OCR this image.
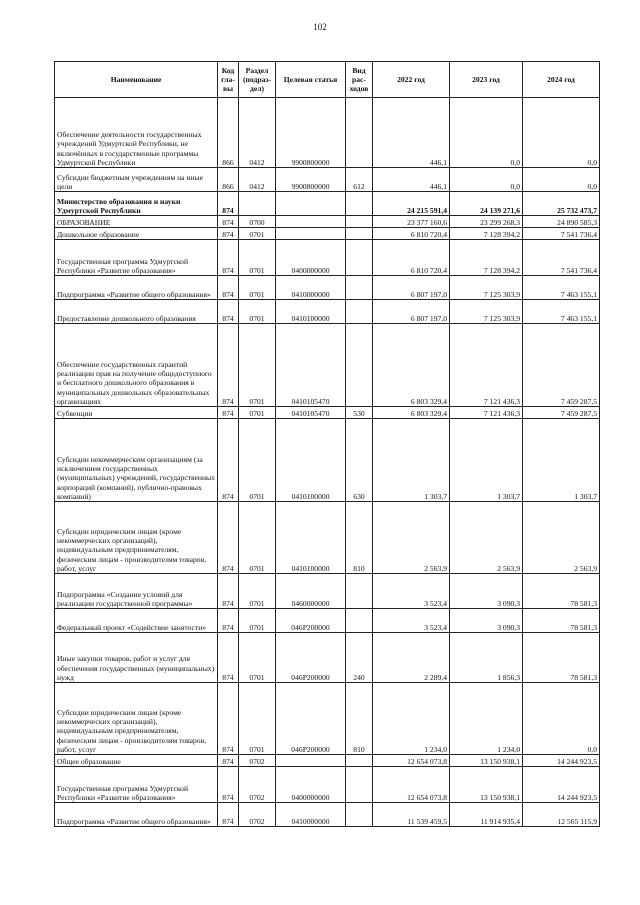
102
Наименование	Код гла-вы	Раздел (подраз-дел)	Целевая статья	Вид рас-ходов	2022 год	2023 год	2024 год
Обеспечение деятельности государственных учреждений Удмуртской Республики, не включённых в государственные программы Удмуртской Республики	866	0412	9900800000		446,1	0,0	0,0
Субсидии бюджетным учреждениям на иные цели	866	0412	9900800000	612	446,1	0,0	0,0
Министерство образования и науки Удмуртской Республики	874				24 215 591,4	24 139 271,6	25 732 473,7
ОБРАЗОВАНИЕ	874	0700			23 377 160,6	23 299 268,3	24 890 585,3
Дошкольное образование	874	0701			6 810 720,4	7 128 394,2	7 541 736,4
Государственная программа Удмуртской Республики «Развитие образования»	874	0701	0400000000		6 810 720,4	7 128 394,2	7 541 736,4
Подпрограмма «Развитие общего образования»	874	0701	0410000000		6 807 197,0	7 125 303,9	7 463 155,1
Предоставление дошкольного образования	874	0701	0410100000		6 807 197,0	7 125 303,9	7 463 155,1
Обеспечение государственных гарантий реализации прав на получение общедоступного и бесплатного дошкольного образования в муниципальных дошкольных образовательных организациях	874	0701	0410105470		6 803 329,4	7 121 436,3	7 459 287,5
Субвенции	874	0701	0410105470	530	6 803 329,4	7 121 436,3	7 459 287,5
Субсидии некоммерческим организациям (за исключением государственных (муниципальных) учреждений, государственных корпораций (компаний), публично-правовых компаний)	874	0701	0410100000	630	1 303,7	1 303,7	1 303,7
Субсидии юридическим лицам (кроме некоммерческих организаций), индивидуальным предпринимателям, физическим лицам - производителям товаров, работ, услуг	874	0701	0410100000	810	2 563,9	2 563,9	2 563,9
Подпрограмма «Создание условий для реализации государственной программы»	874	0701	0460000000		3 523,4	3 090,3	78 581,3
Федеральный проект «Содействие занятости»	874	0701	046P200000		3 523,4	3 090,3	78 581,3
Иные закупки товаров, работ и услуг для обеспечения государственных (муниципальных) нужд	874	0701	046P200000	240	2 289,4	1 856,3	78 581,3
Субсидии юридическим лицам (кроме некоммерческих организаций), индивидуальным предпринимателям, физическим лицам - производителям товаров, работ, услуг	874	0701	046P200000	810	1 234,0	1 234,0	0,0
Общее образование	874	0702			12 654 073,8	13 150 938,1	14 244 923,5
Государственная программа Удмуртской Республики «Развитие образования»	874	0702	0400000000		12 654 073,8	13 150 938,1	14 244 923,5
Подпрограмма «Развитие общего образования»	874	0702	0410000000		11 539 459,5	11 914 935,4	12 565 115,9
